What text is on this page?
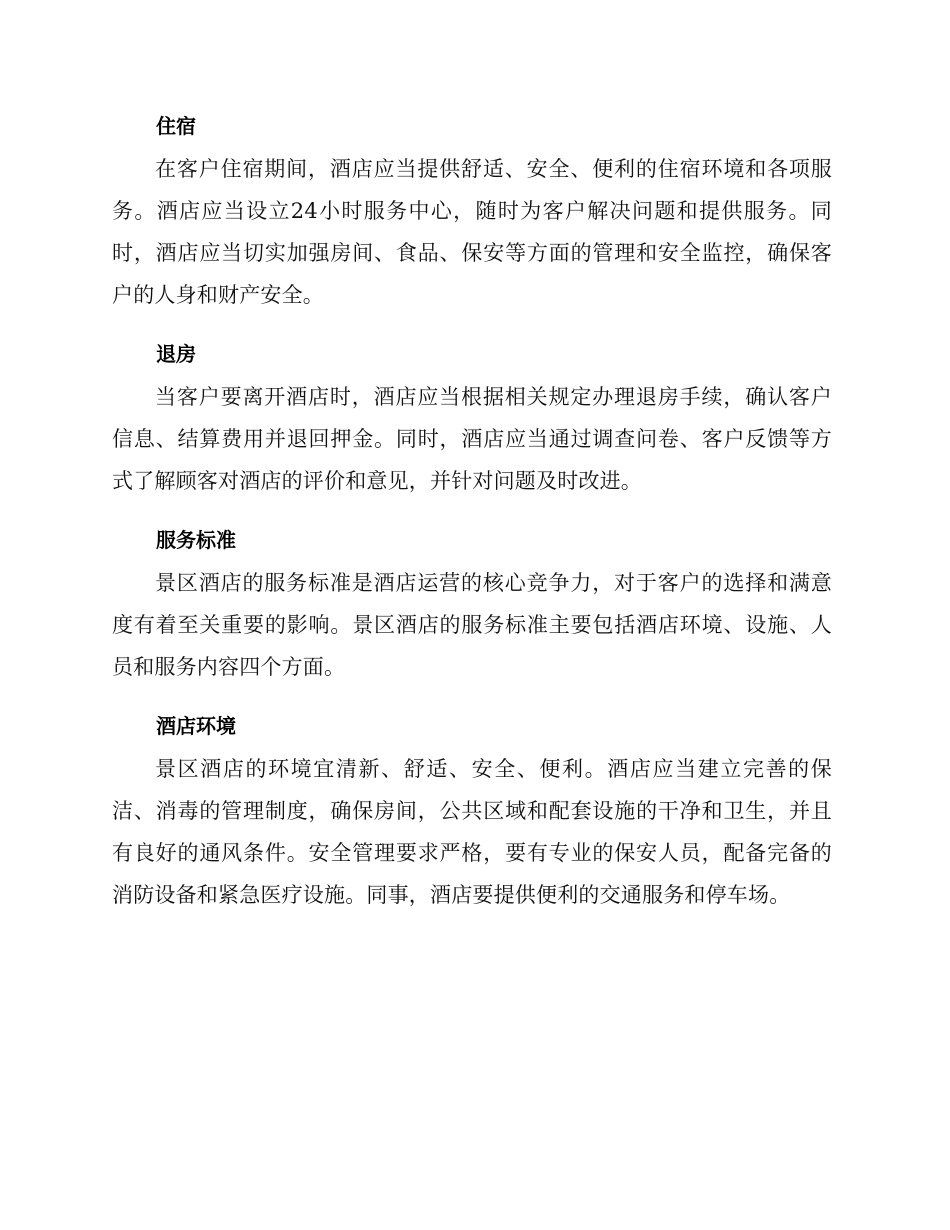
住宿

在客户住宿期间，酒店应当提供舒适、安全、便利的住宿环境和各项服务。酒店应当设立24小时服务中心，随时为客户解决问题和提供服务。同时，酒店应当切实加强房间、食品、保安等方面的管理和安全监控，确保客户的人身和财产安全。

退房

当客户要离开酒店时，酒店应当根据相关规定办理退房手续，确认客户信息、结算费用并退回押金。同时，酒店应当通过调查问卷、客户反馈等方式了解顾客对酒店的评价和意见，并针对问题及时改进。

服务标准

景区酒店的服务标准是酒店运营的核心竞争力，对于客户的选择和满意度有着至关重要的影响。景区酒店的服务标准主要包括酒店环境、设施、人员和服务内容四个方面。

酒店环境

景区酒店的环境宜清新、舒适、安全、便利。酒店应当建立完善的保洁、消毒的管理制度，确保房间，公共区域和配套设施的干净和卫生，并且有良好的通风条件。安全管理要求严格，要有专业的保安人员，配备完备的消防设备和紧急医疗设施。同事，酒店要提供便利的交通服务和停车场。
